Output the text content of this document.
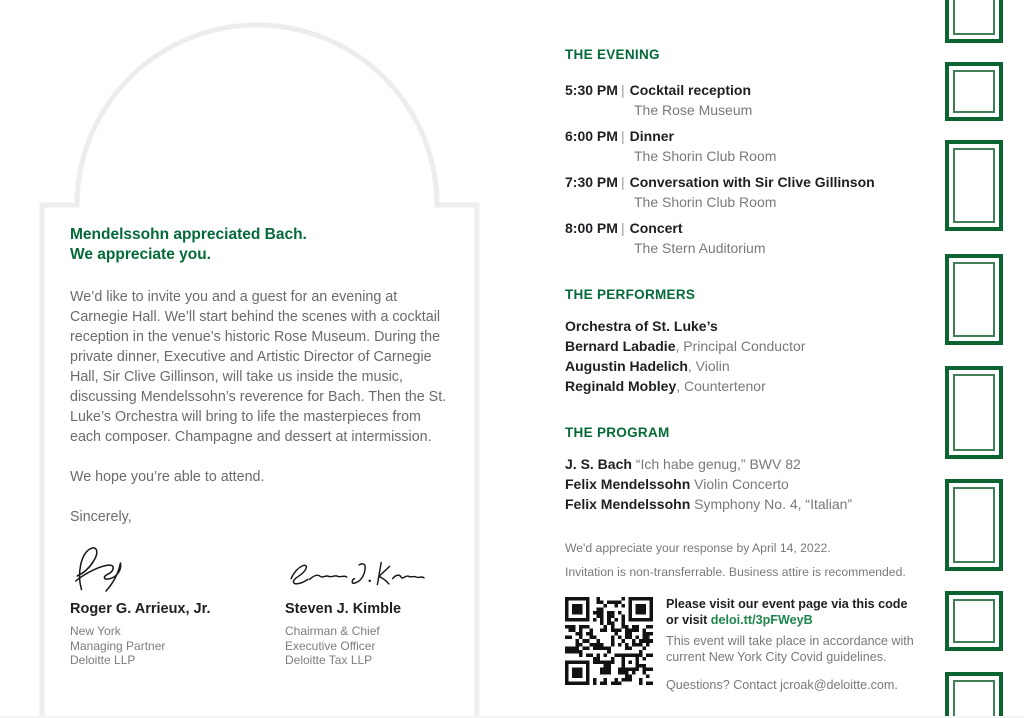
Mendelssohn appreciated Bach.
We appreciate you.

We’d like to invite you and a guest for an evening at Carnegie Hall. We’ll start behind the scenes with a cocktail reception in the venue’s historic Rose Museum. During the private dinner, Executive and Artistic Director of Carnegie Hall, Sir Clive Gillinson, will take us inside the music, discussing Mendelssohn’s reverence for Bach. Then the St. Luke’s Orchestra will bring to life the masterpieces from each composer. Champagne and dessert at intermission.

We hope you’re able to attend.

Sincerely,

Roger G. Arrieux, Jr.
New York
Managing Partner
Deloitte LLP
Steven J. Kimble
Chairman & Chief
Executive Officer
Deloitte Tax LLP
THE EVENING
5:30 PM | Cocktail reception
The Rose Museum
6:00 PM | Dinner
The Shorin Club Room
7:30 PM | Conversation with Sir Clive Gillinson
The Shorin Club Room
8:00 PM | Concert
The Stern Auditorium
THE PERFORMERS
Orchestra of St. Luke’s
Bernard Labadie, Principal Conductor
Augustin Hadelich, Violin
Reginald Mobley, Countertenor
THE PROGRAM
J. S. Bach “Ich habe genug,” BWV 82
Felix Mendelssohn Violin Concerto
Felix Mendelssohn Symphony No. 4, “Italian”

We'd appreciate your response by April 14, 2022.

Invitation is non-transferrable. Business attire is recommended.

Please visit our event page via this code
or visit deloi.tt/3pFWeyB
This event will take place in accordance with current New York City Covid guidelines.
Questions? Contact jcroak@deloitte.com.
